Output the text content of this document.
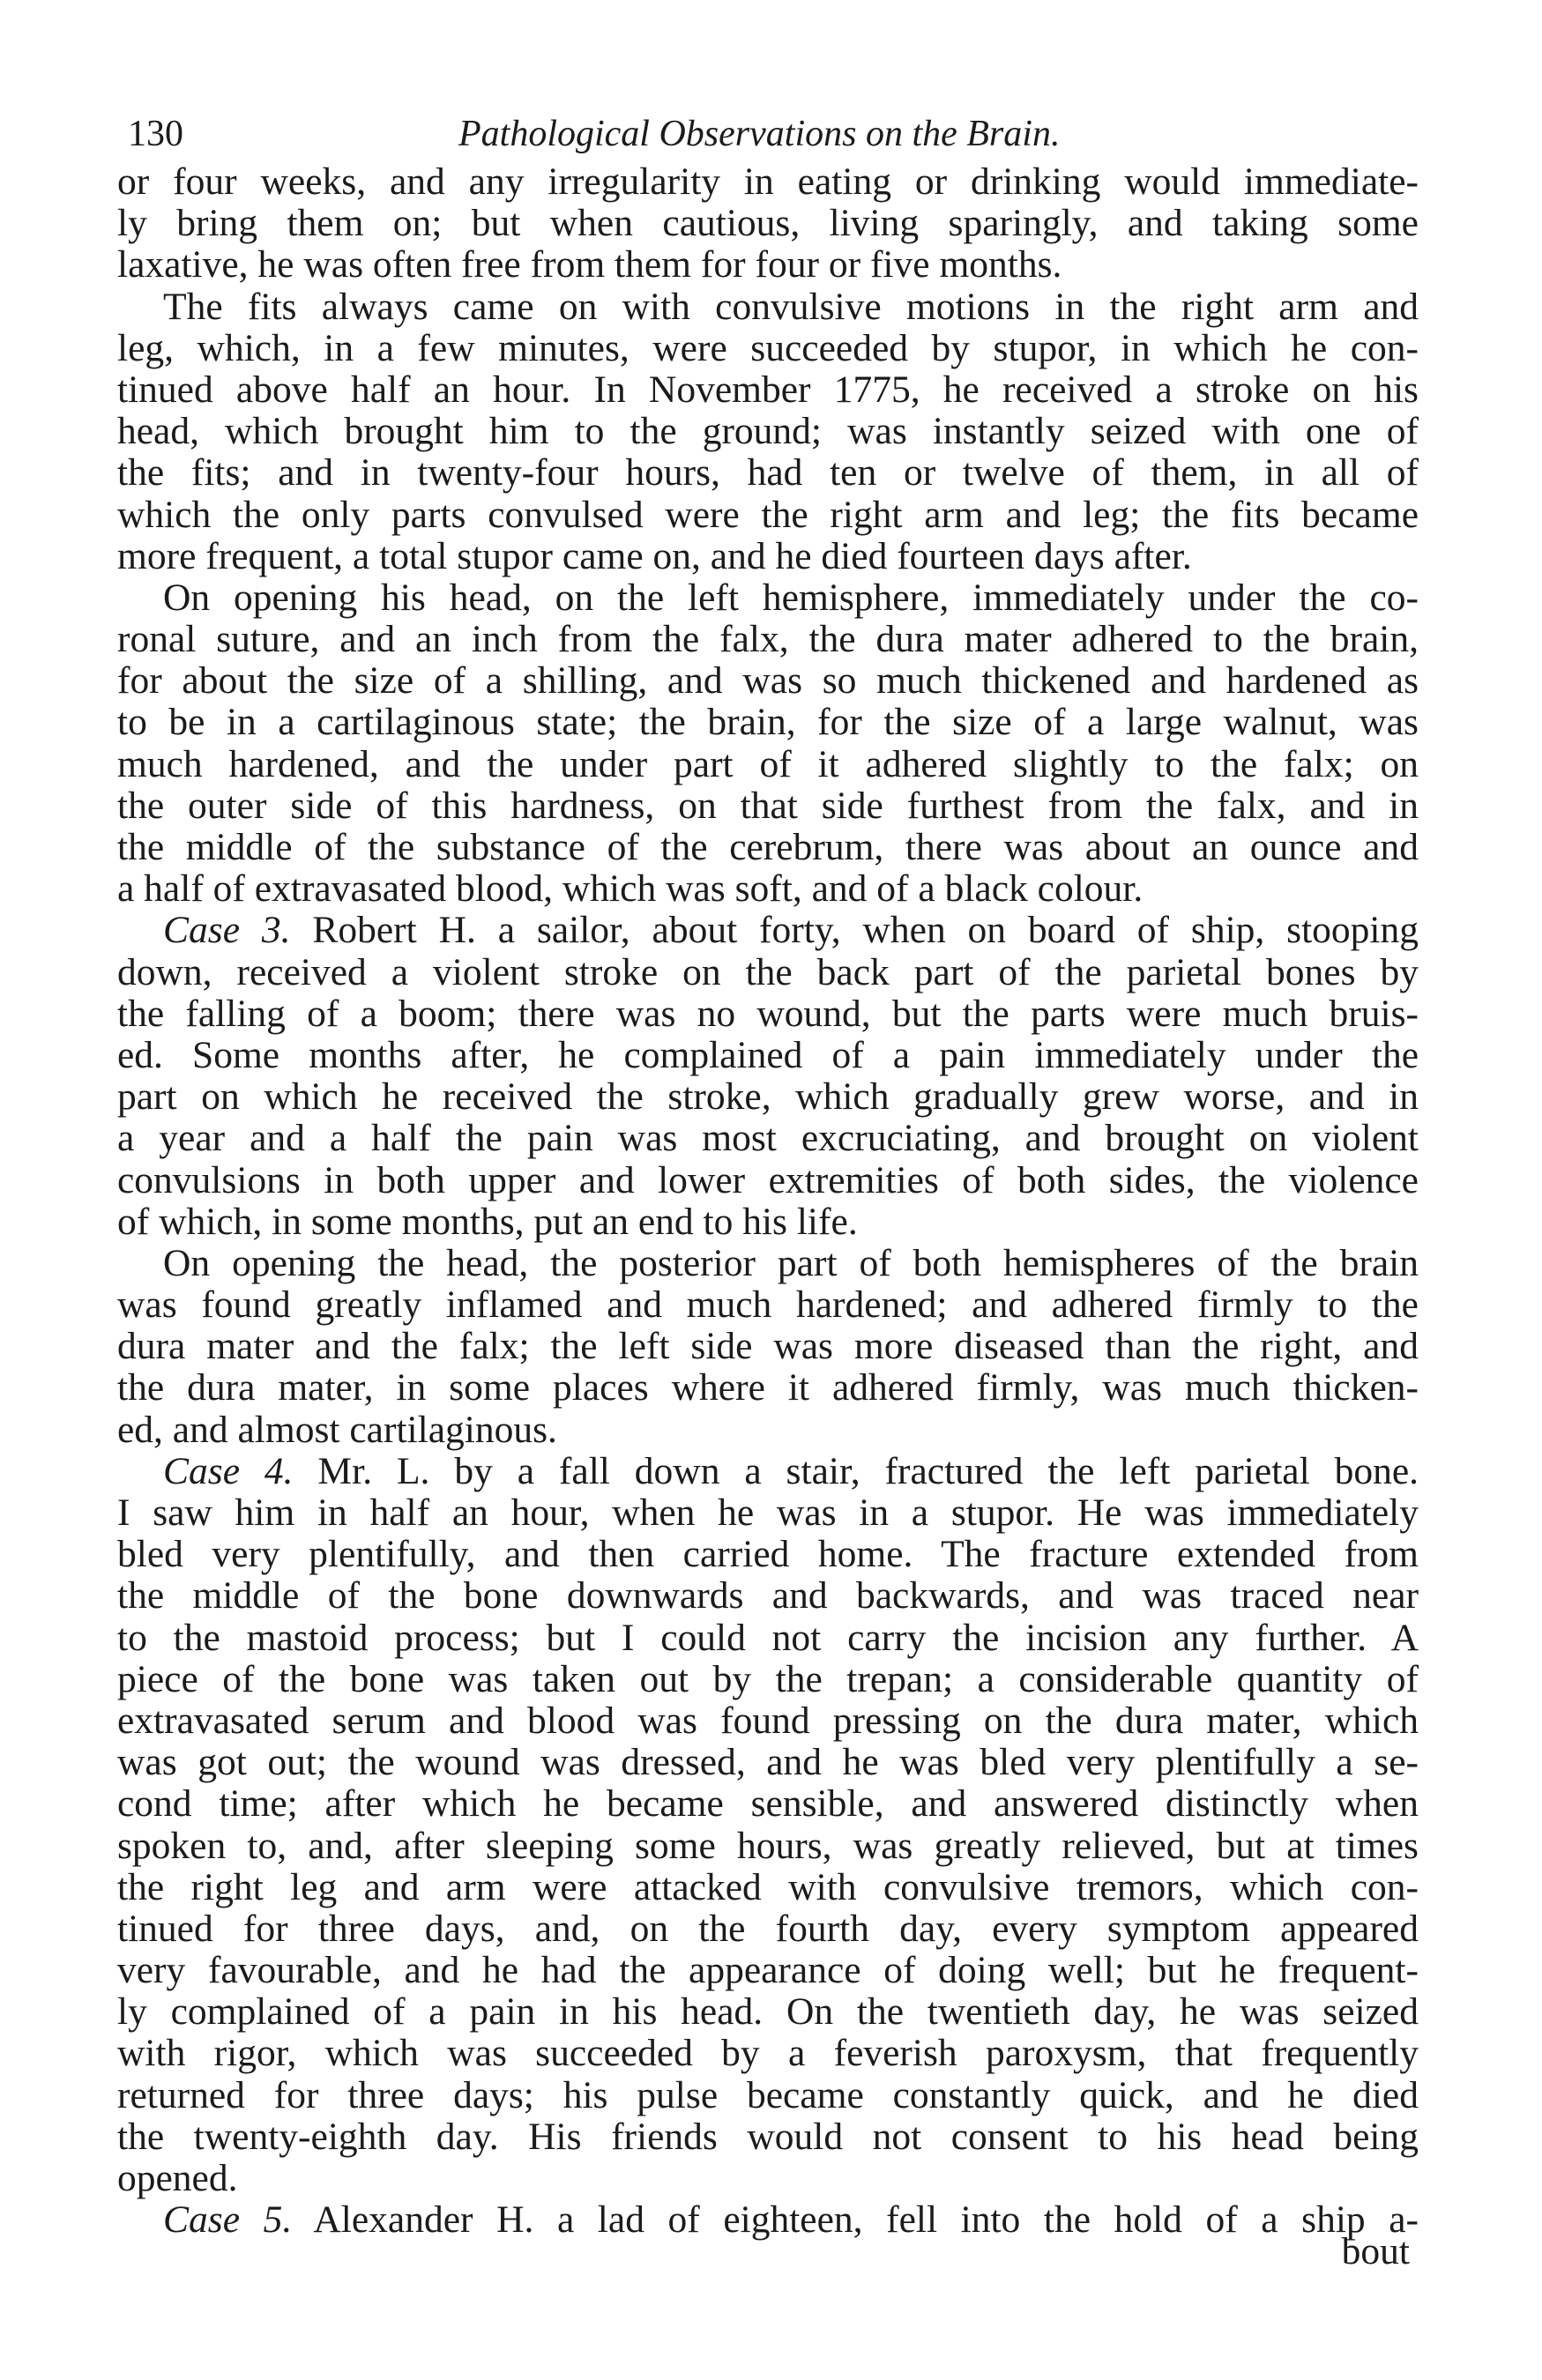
130	Pathological Observations on the Brain.
or four weeks, and any irregularity in eating or drinking would immediate-
ly bring them on; but when cautious, living sparingly, and taking some
laxative, he was often free from them for four or five months.
The fits always came on with convulsive motions in the right arm and
leg, which, in a few minutes, were succeeded by stupor, in which he con-
tinued above half an hour. In November 1775, he received a stroke on his
head, which brought him to the ground; was instantly seized with one of
the fits; and in twenty-four hours, had ten or twelve of them, in all of
which the only parts convulsed were the right arm and leg; the fits became
more frequent, a total stupor came on, and he died fourteen days after.
On opening his head, on the left hemisphere, immediately under the co-
ronal suture, and an inch from the falx, the dura mater adhered to the brain,
for about the size of a shilling, and was so much thickened and hardened as
to be in a cartilaginous state; the brain, for the size of a large walnut, was
much hardened, and the under part of it adhered slightly to the falx; on
the outer side of this hardness, on that side furthest from the falx, and in
the middle of the substance of the cerebrum, there was about an ounce and
a half of extravasated blood, which was soft, and of a black colour.
Case 3. Robert H. a sailor, about forty, when on board of ship, stooping
down, received a violent stroke on the back part of the parietal bones by
the falling of a boom; there was no wound, but the parts were much bruis-
ed. Some months after, he complained of a pain immediately under the
part on which he received the stroke, which gradually grew worse, and in
a year and a half the pain was most excruciating, and brought on violent
convulsions in both upper and lower extremities of both sides, the violence
of which, in some months, put an end to his life.
On opening the head, the posterior part of both hemispheres of the brain
was found greatly inflamed and much hardened; and adhered firmly to the
dura mater and the falx; the left side was more diseased than the right, and
the dura mater, in some places where it adhered firmly, was much thicken-
ed, and almost cartilaginous.
Case 4. Mr. L. by a fall down a stair, fractured the left parietal bone.
I saw him in half an hour, when he was in a stupor. He was immediately
bled very plentifully, and then carried home. The fracture extended from
the middle of the bone downwards and backwards, and was traced near
to the mastoid process; but I could not carry the incision any further. A
piece of the bone was taken out by the trepan; a considerable quantity of
extravasated serum and blood was found pressing on the dura mater, which
was got out; the wound was dressed, and he was bled very plentifully a se-
cond time; after which he became sensible, and answered distinctly when
spoken to, and, after sleeping some hours, was greatly relieved, but at times
the right leg and arm were attacked with convulsive tremors, which con-
tinued for three days, and, on the fourth day, every symptom appeared
very favourable, and he had the appearance of doing well; but he frequent-
ly complained of a pain in his head. On the twentieth day, he was seized
with rigor, which was succeeded by a feverish paroxysm, that frequently
returned for three days; his pulse became constantly quick, and he died
the twenty-eighth day. His friends would not consent to his head being
opened.
Case 5. Alexander H. a lad of eighteen, fell into the hold of a ship a-
bout
